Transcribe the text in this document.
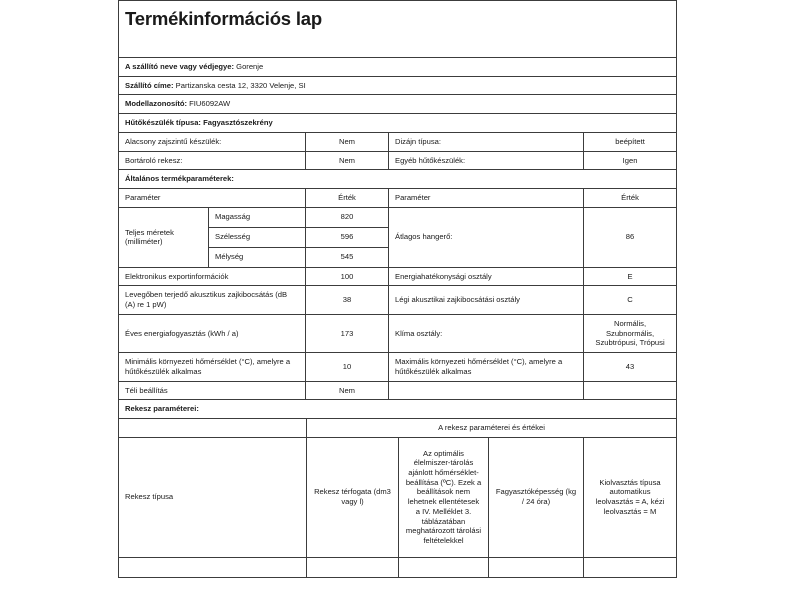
Termékinformációs lap				

A szállító neve vagy védjegye: Gorenje				
Szállító címe: Partizanska cesta 12, 3320 Velenje, SI				
Modellazonosító: FIU6092AW				
Hűtőkészülék típusa: Fagyasztószekrény				
Alacsony zajszintű készülék:		Nem	Dizájn típusa:	beépített
Bortároló rekesz:		Nem	Egyéb hűtőkészülék:	Igen
Általános termékparaméterek:				
Paraméter		Érték	Paraméter	Érték
Teljes méretek (milliméter)	Magasság	820	Átlagos hangerő:	86
	Szélesség	596		
	Mélység	545		
Elektronikus exportinformációk		100	Energiahatékonysági osztály	E
Levegőben terjedő akusztikus zajkibocsátás (dB (A) re 1 pW)		38	Légi akusztikai zajkibocsátási osztály	C
Éves energiafogyasztás (kWh / a)		173	Klíma osztály:	Normális, Szubnormális, Szubtrópusi, Trópusi
Minimális környezeti hőmérséklet (°C), amelyre a hűtőkészülék alkalmas		10	Maximális környezeti hőmérséklet (°C), amelyre a hűtőkészülék alkalmas	43
Téli beállítás		Nem		
Rekesz paraméterei:				
	A rekesz paraméterei és értékei			
Rekesz típusa	Rekesz térfogata (dm3 vagy l)	Az optimális élelmiszer-tárolás ajánlott hőmérséklet-beállítása (ºC). Ezek a beállítások nem lehetnek ellentétesek a IV. Melléklet 3. táblázatában meghatározott tárolási feltételekkel	Fagyasztóképesség (kg / 24 óra)	Kiolvasztás típusa automatikus leolvasztás = A, kézi leolvasztás = M
